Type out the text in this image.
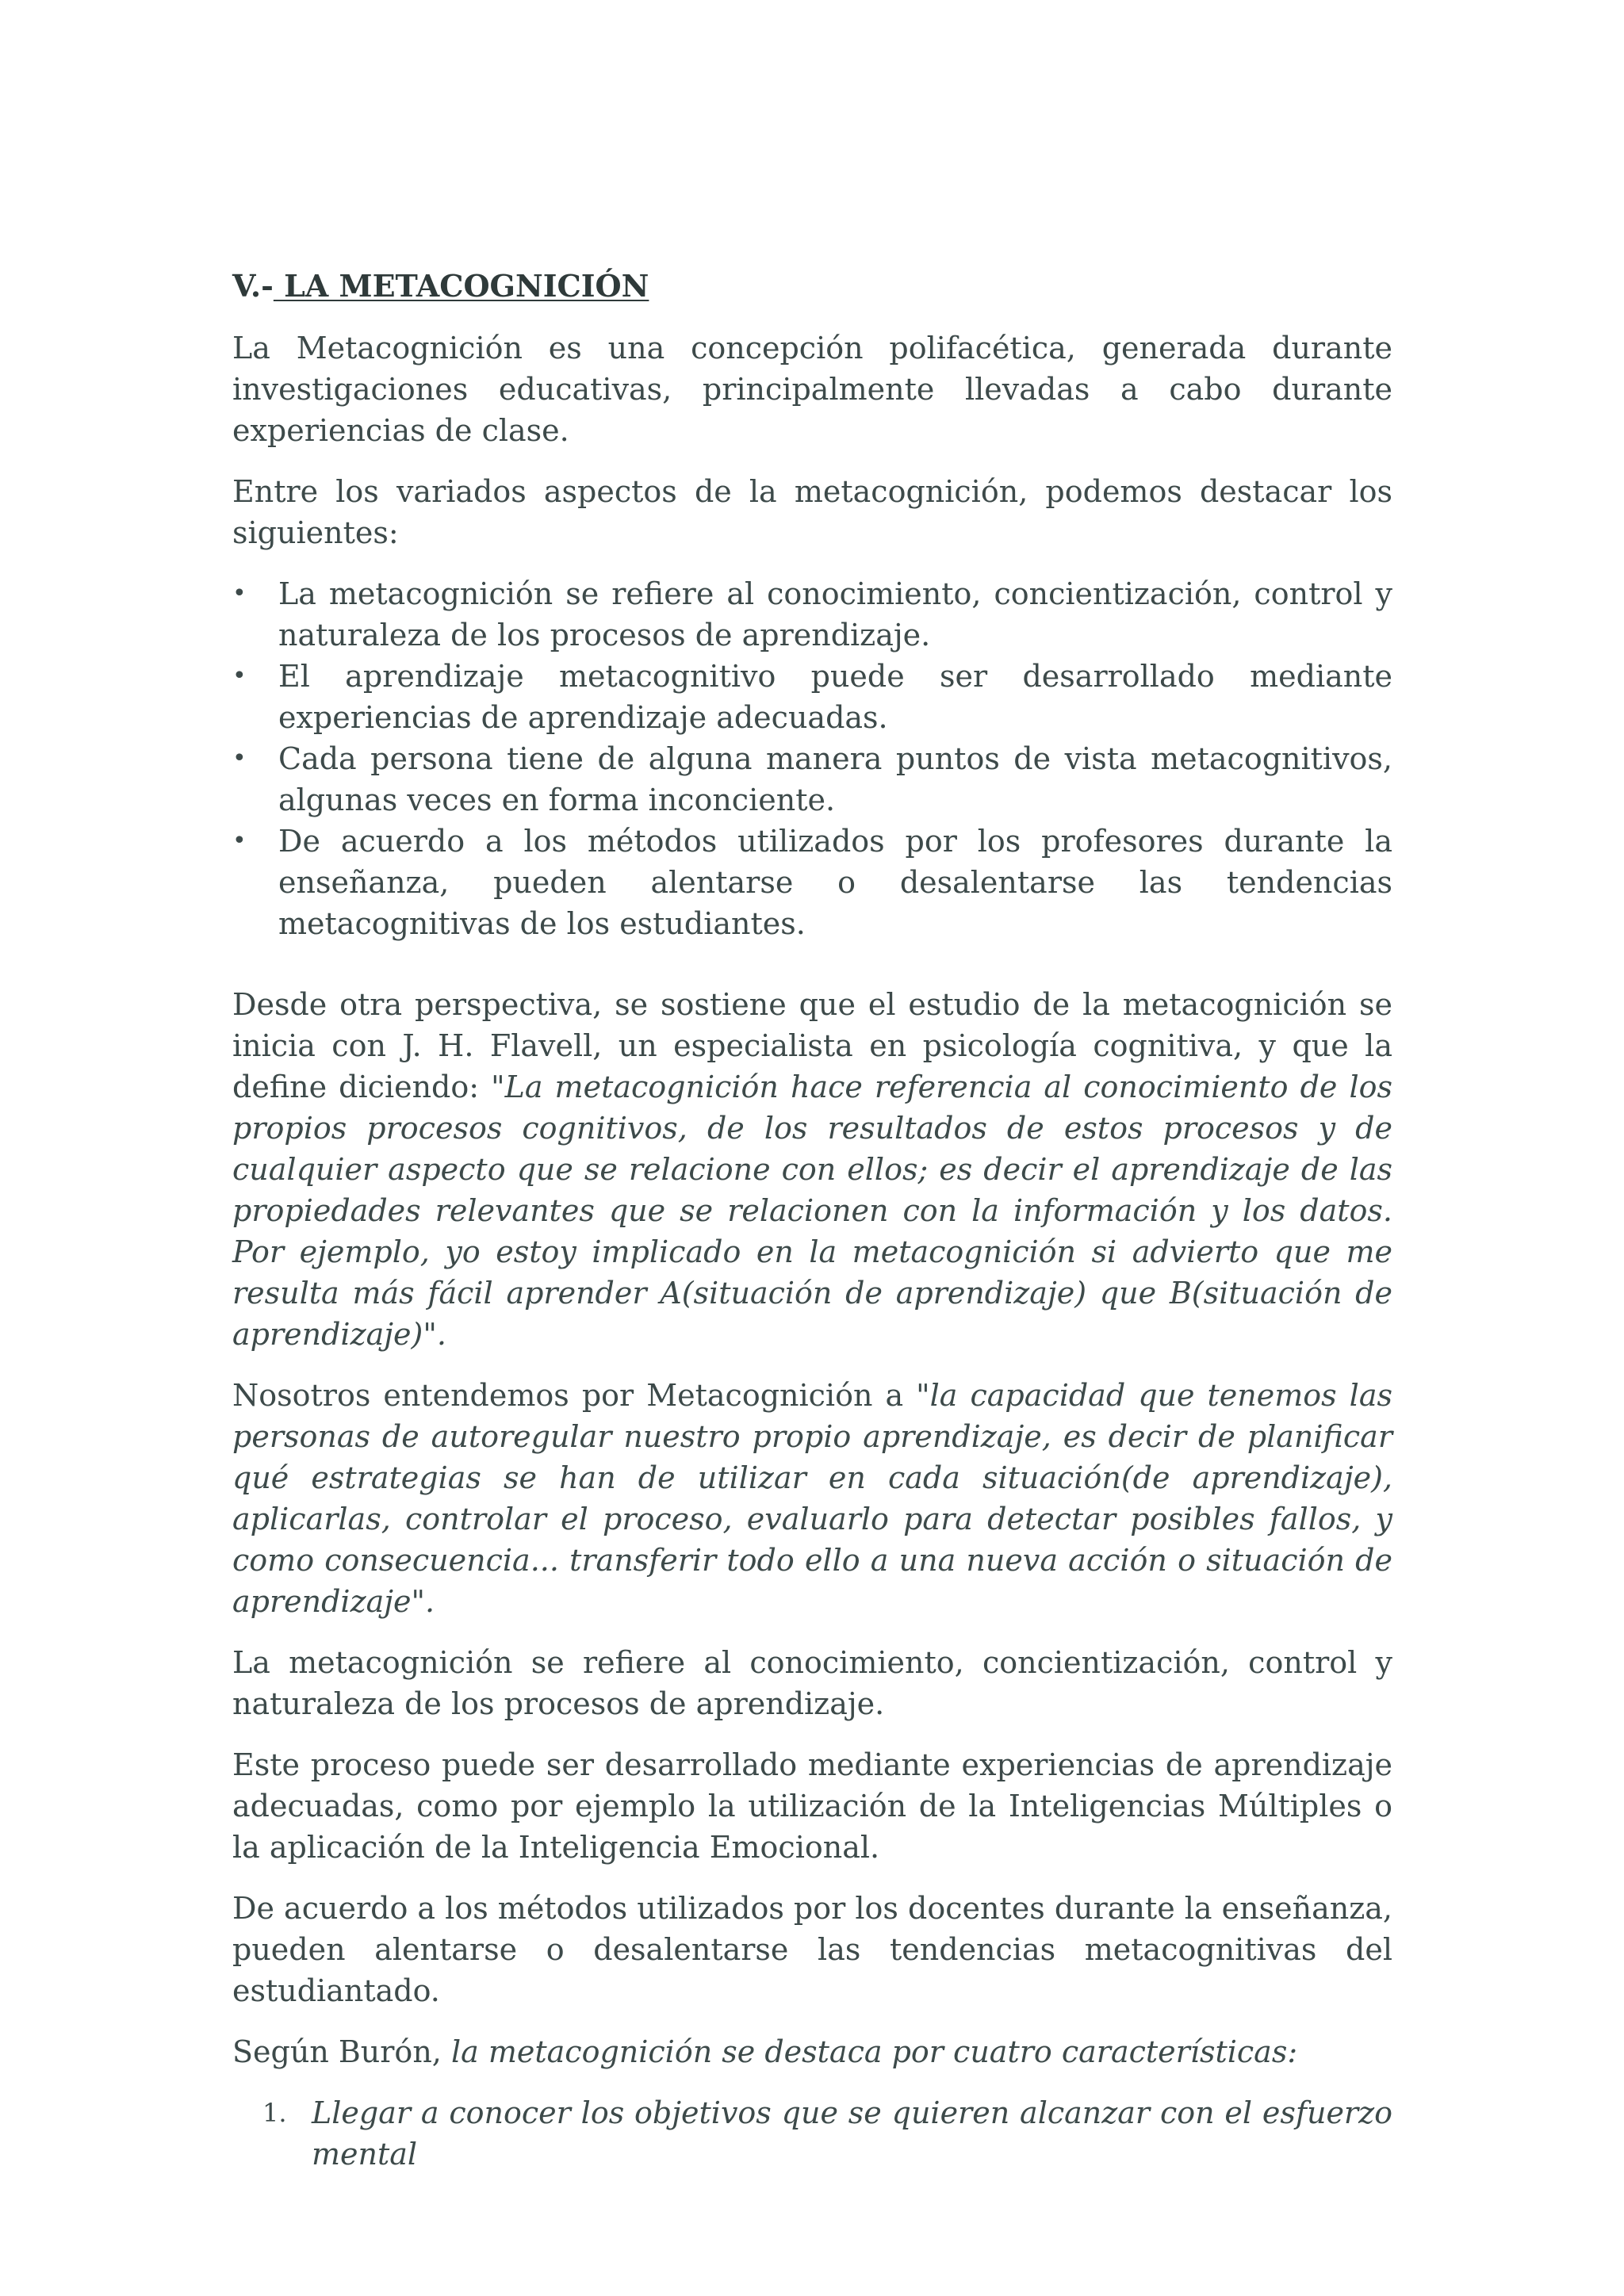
V.- LA METACOGNICIÓN

La Metacognición es una concepción polifacética, generada durante investigaciones educativas, principalmente llevadas a cabo durante experiencias de clase.

Entre los variados aspectos de la metacognición, podemos destacar los siguientes:

•	La metacognición se refiere al conocimiento, concientización, control y naturaleza de los procesos de aprendizaje.
•	El aprendizaje metacognitivo puede ser desarrollado mediante experiencias de aprendizaje adecuadas.
•	Cada persona tiene de alguna manera puntos de vista metacognitivos, algunas veces en forma inconciente.
•	De acuerdo a los métodos utilizados por los profesores durante la enseñanza, pueden alentarse o desalentarse las tendencias metacognitivas de los estudiantes.

Desde otra perspectiva, se sostiene que el estudio de la metacognición se inicia con J. H. Flavell, un especialista en psicología cognitiva, y que la define diciendo: "La metacognición hace referencia al conocimiento de los propios procesos cognitivos, de los resultados de estos procesos y de cualquier aspecto que se relacione con ellos; es decir el aprendizaje de las propiedades relevantes que se relacionen con la información y los datos. Por ejemplo, yo estoy implicado en la metacognición si advierto que me resulta más fácil aprender A(situación de aprendizaje) que B(situación de aprendizaje)".

Nosotros entendemos por Metacognición a "la capacidad que tenemos las personas de autoregular nuestro propio aprendizaje, es decir de planificar qué estrategias se han de utilizar en cada situación(de aprendizaje), aplicarlas, controlar el proceso, evaluarlo para detectar posibles fallos, y como consecuencia... transferir todo ello a una nueva acción o situación de aprendizaje".

La metacognición se refiere al conocimiento, concientización, control y naturaleza de los procesos de aprendizaje.

Este proceso puede ser desarrollado mediante experiencias de aprendizaje adecuadas, como por ejemplo la utilización de la Inteligencias Múltiples o la aplicación de la Inteligencia Emocional.

De acuerdo a los métodos utilizados por los docentes durante la enseñanza, pueden alentarse o desalentarse las tendencias metacognitivas del estudiantado.

Según Burón, la metacognición se destaca por cuatro características:

1. Llegar a conocer los objetivos que se quieren alcanzar con el esfuerzo mental
